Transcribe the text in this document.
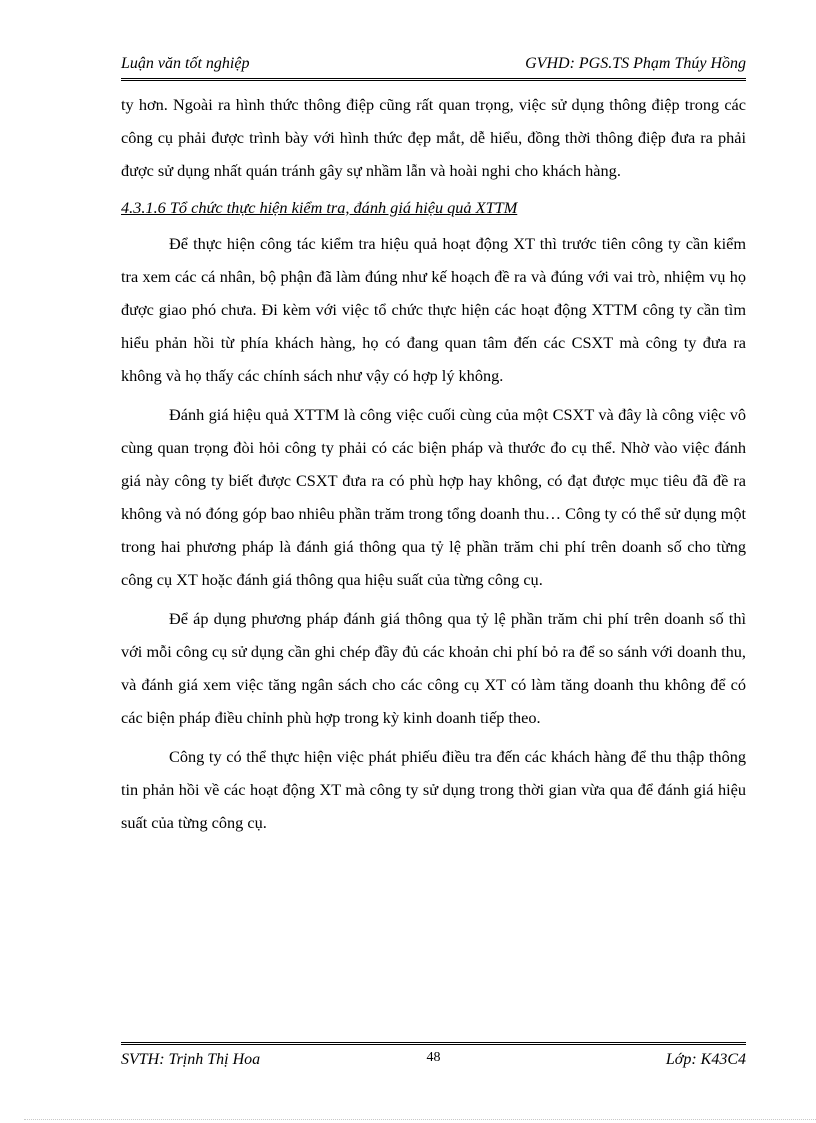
Luận văn tốt nghiệp	GVHD: PGS.TS Phạm Thúy Hồng

ty hơn. Ngoài ra hình thức thông điệp cũng rất quan trọng, việc sử dụng thông điệp trong các công cụ phải được trình bày với hình thức đẹp mắt, dễ hiểu, đồng thời thông điệp đưa ra phải được sử dụng nhất quán tránh gây sự nhầm lẫn và hoài nghi cho khách hàng.

4.3.1.6 Tổ chức thực hiện kiểm tra, đánh giá hiệu quả XTTM

Để thực hiện công tác kiểm tra hiệu quả hoạt động XT thì trước tiên công ty cần kiểm tra xem các cá nhân, bộ phận đã làm đúng như kế hoạch đề ra và đúng với vai trò, nhiệm vụ họ được giao phó chưa. Đi kèm với việc tổ chức thực hiện các hoạt động XTTM công ty cần tìm hiểu phản hồi từ phía khách hàng, họ có đang quan tâm đến các CSXT mà công ty đưa ra không và họ thấy các chính sách như vậy có hợp lý không.

Đánh giá hiệu quả XTTM là công việc cuối cùng của một CSXT và đây là công việc vô cùng quan trọng đòi hỏi công ty phải có các biện pháp và thước đo cụ thể. Nhờ vào việc đánh giá này công ty biết được CSXT đưa ra có phù hợp hay không, có đạt được mục tiêu đã đề ra không và nó đóng góp bao nhiêu phần trăm trong tổng doanh thu… Công ty có thể sử dụng một trong hai phương pháp là đánh giá thông qua tỷ lệ phần trăm chi phí trên doanh số cho từng công cụ XT hoặc đánh giá thông qua hiệu suất của từng công cụ.

Để áp dụng phương pháp đánh giá thông qua tỷ lệ phần trăm chi phí trên doanh số thì với mỗi công cụ sử dụng cần ghi chép đầy đủ các khoản chi phí bỏ ra để so sánh với doanh thu, và đánh giá xem việc tăng ngân sách cho các công cụ XT có làm tăng doanh thu không để có các biện pháp điều chỉnh phù hợp trong kỳ kinh doanh tiếp theo.

Công ty có thể thực hiện việc phát phiếu điều tra đến các khách hàng để thu thập thông tin phản hồi về các hoạt động XT mà công ty sử dụng trong thời gian vừa qua để đánh giá hiệu suất của từng công cụ.

SVTH: Trịnh Thị Hoa	48	Lớp: K43C4
